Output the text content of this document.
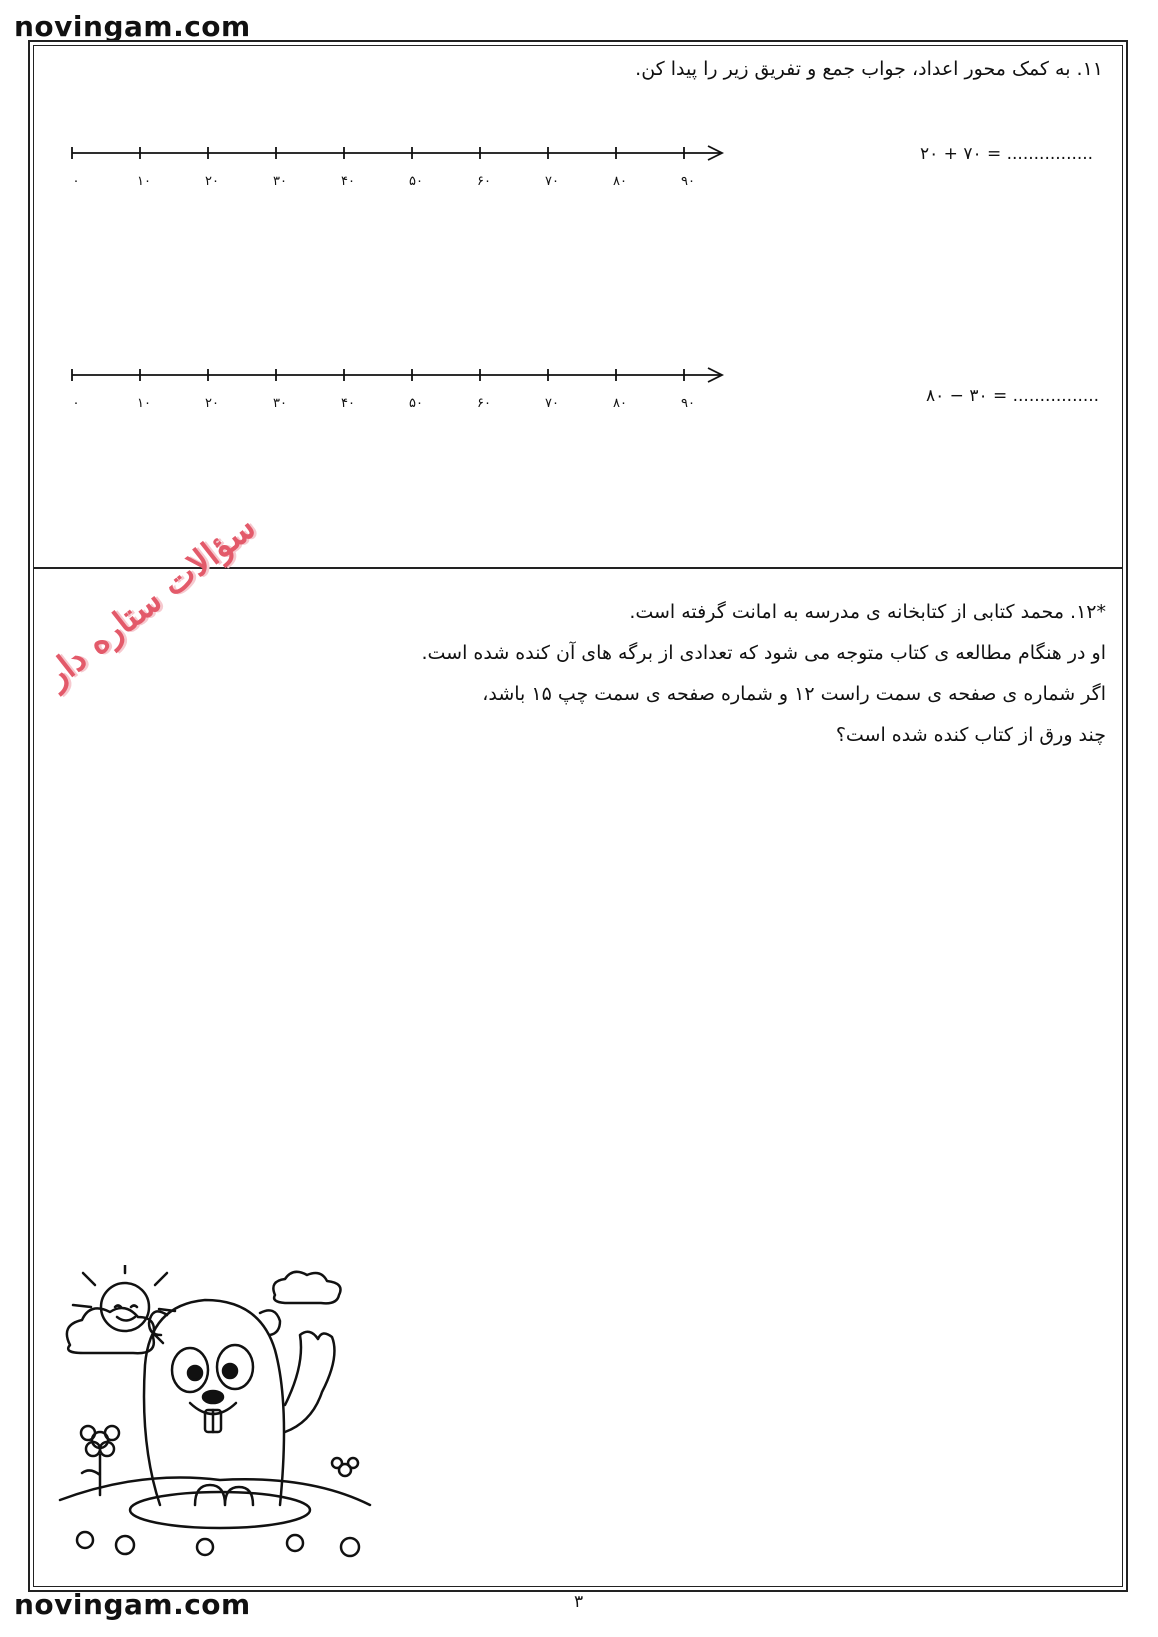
novingam.com
۱۱. به کمک محور اعداد، جواب جمع و تفریق زیر را پیدا کن.
۲۰ + ۷۰ = ................
۸۰ − ۳۰ = ................
۰	۱۰	۲۰	۳۰	۴۰	۵۰	۶۰	۷۰	۸۰	۹۰
۰	۱۰	۲۰	۳۰	۴۰	۵۰	۶۰	۷۰	۸۰	۹۰

*۱۲. محمد کتابی از کتابخانه ی مدرسه به امانت گرفته است.

او در هنگام مطالعه ی کتاب متوجه می شود که تعدادی از برگه های آن کنده شده است.

اگر شماره ی صفحه ی سمت راست ۱۲ و شماره صفحه ی سمت چپ ۱۵ باشد،

چند ورق از کتاب کنده شده است؟

سؤالات ستاره دار
۳
novingam.com
